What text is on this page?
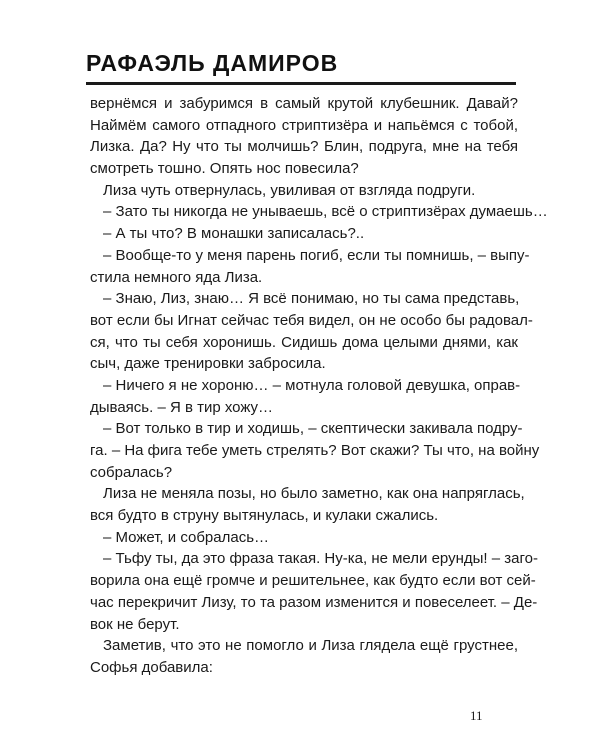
РАФАЭЛЬ ДАМИРОВ
вернёмся и забуримся в самый крутой клубешник. Давай?
Наймём самого отпадного стриптизёра и напьёмся с тобой,
Лизка. Да? Ну что ты молчишь? Блин, подруга, мне на тебя
смотреть тошно. Опять нос повесила?
Лиза чуть отвернулась, увиливая от взгляда подруги.
– Зато ты никогда не унываешь, всё о стриптизёрах думаешь…
– А ты что? В монашки записалась?..
– Вообще-то у меня парень погиб, если ты помнишь, – выпу-
стила немного яда Лиза.
– Знаю, Лиз, знаю… Я всё понимаю, но ты сама представь,
вот если бы Игнат сейчас тебя видел, он не особо бы радовал-
ся, что ты себя хоронишь. Сидишь дома целыми днями, как
сыч, даже тренировки забросила.
– Ничего я не хороню… – мотнула головой девушка, оправ-
дываясь. – Я в тир хожу…
– Вот только в тир и ходишь, – скептически закивала подру-
га. – На фига тебе уметь стрелять? Вот скажи? Ты что, на войну
собралась?
Лиза не меняла позы, но было заметно, как она напряглась,
вся будто в струну вытянулась, и кулаки сжались.
– Может, и собралась…
– Тьфу ты, да это фраза такая. Ну-ка, не мели ерунды! – заго-
ворила она ещё громче и решительнее, как будто если вот сей-
час перекричит Лизу, то та разом изменится и повеселеет. – Де-
вок не берут.
Заметив, что это не помогло и Лиза глядела ещё грустнее,
Софья добавила:
11
